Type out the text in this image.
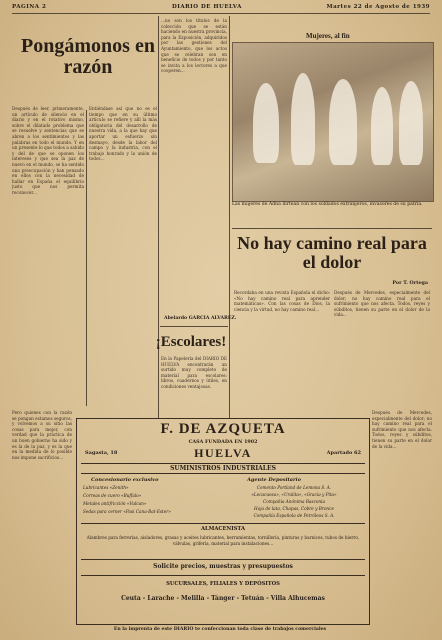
PAGINA 2	DIARIO DE HUELVA	Martes 22 de Agosto de 1939
Pongámonos en razón
Después de leer, primeramente, un artículo de silencio en el diario y en el rotativo mismo, sobre el dilatado problema que se resuelve y sentencias que se abren a los sentimientos y las palabras en todo el mundo. Y en un presente lo que todos a sabido y del de que se oponen los intereses y que sea la paz de nuevo en el mundo, se ha sentido una preocupación y han pensado en ellos con la necesidad de hallar en España el equilibrio justo que nos permita reconocer...
Entiéndase así que no es el tiempo que en su último artículo se refiere y allí la más obligatoria del desarrollo de nuestra vida, a la que hay que aportar un esfuerzo sin desmayo, desde la labor del campo y la industria, con el trabajo honrado y la unión de todos...
Pero quienes con la razón se pongan estamos seguros, y volvemos a su sitio las cosas para mejor, con verdad que la práctica de un buen gobierno ha sido y es la de la paz, y es la que en la medida de lo posible nos impone sacrificios...
Abelardo GARCIA ALVAREZ.
...no son los títulos de la colección que se están haciendo en nuestra provincia, para la Exposición, adquiridos por las gestiones del Ayuntamiento, que los actos que se celebran son en beneficio de todos y por tanto se invita a los lectores a que cooperen...
Mujeres, al fin
Las mujeres de Adna llirtean con los soldados extranjeros, invasores de su patria.
No hay camino real para el dolor
Por T. Ortega
Recordaba en una revista Española el dicho: «No hay camino real para aprender matemáticas». Con las cosas de Dios, la ciencia y la virtud, no hay camino real...
Después de Mercedes, especialmente del dolor; no hay camino real para el sufrimiento que nos afecta. Todos, reyes y súbditos, tienen su parte en el dolor de la vida...
Después de Mercedes, especialmente del dolor; no hay camino real para el sufrimiento que nos afecta. Todos, reyes y súbditos, tienen su parte en el dolor de la vida...
¡Escolares!
En la Papelería del DIARIO DE HUELVA encontrarán un surtido muy completo de material para escolares: libros, cuadernos y útiles, en condiciones ventajosas.
F. DE AZQUETA
CASA FUNDADA EN 1902
HUELVA
Sagasta, 18	Apartado 62
SUMINISTROS INDUSTRIALES
Concesionario exclusivo
Lubricantes «Zenith»
Correas de cuero «Buffalo»
Metales antifricción «Vulcan»
Sedas para cerner «Pasi Cana-Bat-Ester»
Agente Depositario
Cemento Portland de Lemona S. A.
«Lecacuesa», «Uralita», «Gracia y Pita»
Compañía Anónima Basconia
Hoja de lata, Chapas, Cobre y Bronce
Compañía Española de Petróleos S. A.
ALMACENISTA
Alambres para ferrerías, aisladores, grasas y aceites lubricantes, herramientas, tornillería, pinturas y barnices, tubos de hierro, válvulas, grifería, material para instalaciones...
Solicite precios, muestras y presupuestos
SUCURSALES, FILIALES Y DEPÓSITOS
Ceuta - Larache - Melilla - Tánger - Tetuán - Villa Alhucemas
En la imprenta de este DIARIO te confeccionan toda clase de trabajos comerciales
